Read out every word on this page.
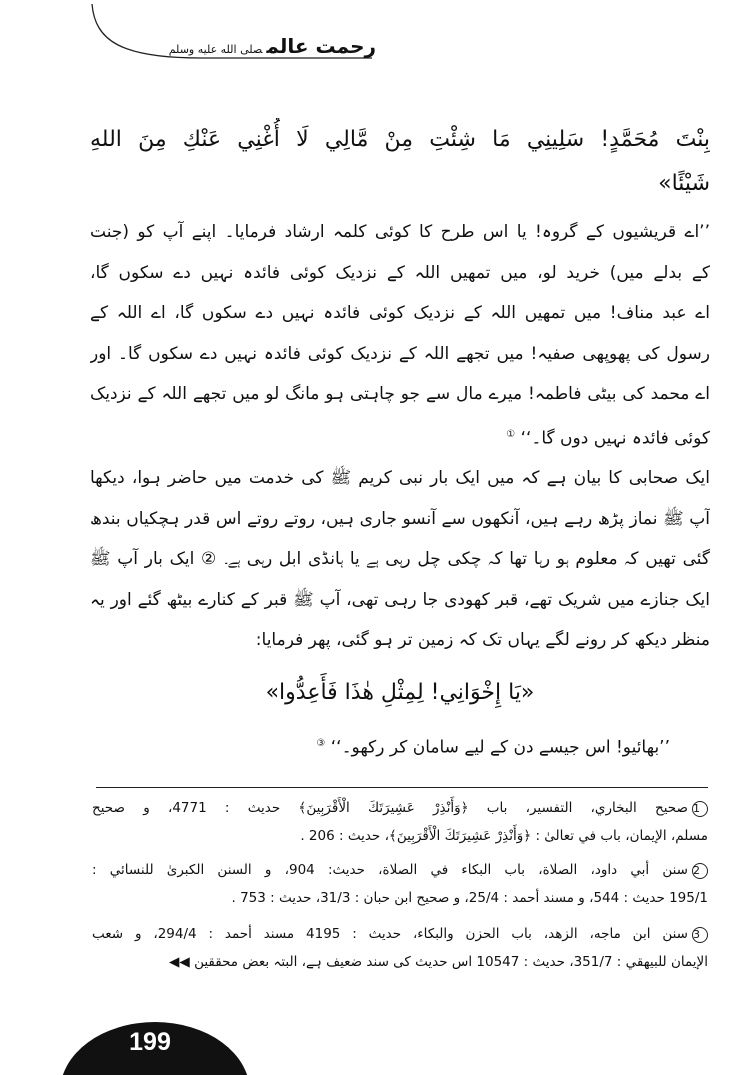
رحمت عالمصلى الله عليه وسلم
بِنْتَ مُحَمَّدٍ! سَلِينِي مَا شِئْتِ مِنْ مَّالِي لَا أُغْنِي عَنْكِ مِنَ اللهِ
شَيْئًا»
’’اے قریشیوں کے گروہ! یا اس طرح کا کوئی کلمہ ارشاد فرمایا۔ اپنے آپ کو (جنت
کے بدلے میں) خرید لو، میں تمھیں اللہ کے نزدیک کوئی فائدہ نہیں دے سکوں گا،
اے عبد مناف! میں تمھیں اللہ کے نزدیک کوئی فائدہ نہیں دے سکوں گا، اے اللہ کے
رسول کی پھوپھی صفیہ! میں تجھے اللہ کے نزدیک کوئی فائدہ نہیں دے سکوں گا۔ اور
اے محمد کی بیٹی فاطمہ! میرے مال سے جو چاہتی ہو مانگ لو میں تجھے اللہ کے نزدیک
کوئی فائدہ نہیں دوں گا۔‘‘ ①
ایک صحابی کا بیان ہے کہ میں ایک بار نبی کریم ﷺ کی خدمت میں حاضر ہوا، دیکھا
آپ ﷺ نماز پڑھ رہے ہیں، آنکھوں سے آنسو جاری ہیں، روتے روتے اس قدر ہچکیاں بندھ
گئی تھیں کہ معلوم ہو رہا تھا کہ چکی چل رہی ہے یا ہانڈی ابل رہی ہے۔ ② ایک بار آپ ﷺ
ایک جنازے میں شریک تھے، قبر کھودی جا رہی تھی، آپ ﷺ قبر کے کنارے بیٹھ گئے اور یہ
منظر دیکھ کر رونے لگے یہاں تک کہ زمین تر ہو گئی، پھر فرمایا:
«يَا إِخْوَانِي! لِمِثْلِ هٰذَا فَأَعِدُّوا»
’’بھائیو! اس جیسے دن کے لیے سامان کر رکھو۔‘‘ ③
1صحيح البخاري، التفسير، باب ﴿وَأَنْذِرْ عَشِيرَتَكَ الْأَقْرَبِينَ﴾ حديث : 4771، و صحيح
مسلم، الإيمان، باب في تعالىٰ : ﴿وَأَنْذِرْ عَشِيرَتَكَ الْأَقْرَبِينَ﴾، حديث : 206 .
2سنن أبي داود، الصلاة، باب البكاء في الصلاة، حديث: 904، و السنن الكبرىٰ للنسائي :
195/1 حديث : 544، و مسند أحمد : 25/4، و صحيح ابن حبان : 31/3، حديث : 753 .
3سنن ابن ماجه، الزهد، باب الحزن والبكاء، حديث : 4195 مسند أحمد : 294/4، و شعب
الإيمان للبيهقي : 351/7، حديث : 10547 اس حدیث کی سند ضعیف ہے، البتہ بعض محققین ◀◀
199
